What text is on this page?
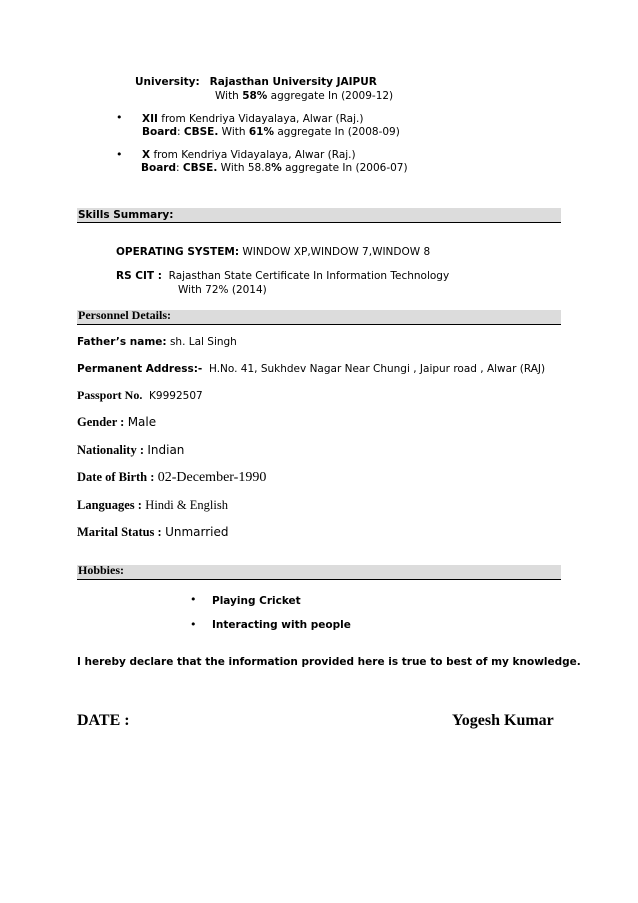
University: Rajasthan University JAIPUR
With 58% aggregate In (2009-12)
• XII from Kendriya Vidayalaya, Alwar (Raj.)
Board: CBSE. With 61% aggregate In (2008-09)
• X from Kendriya Vidayalaya, Alwar (Raj.)
Board: CBSE. With 58.8% aggregate In (2006-07)
Skills Summary:
OPERATING SYSTEM: WINDOW XP,WINDOW 7,WINDOW 8
RS CIT : Rajasthan State Certificate In Information Technology
With 72% (2014)
Personnel Details:
Father’s name: sh. Lal Singh
Permanent Address:- H.No. 41, Sukhdev Nagar Near Chungi , Jaipur road , Alwar (RAJ)
Passport No. K9992507
Gender : Male
Nationality : Indian
Date of Birth : 02-December-1990
Languages : Hindi & English
Marital Status : Unmarried
Hobbies:
• Playing Cricket
• Interacting with people
I hereby declare that the information provided here is true to best of my knowledge.
DATE :	Yogesh Kumar
